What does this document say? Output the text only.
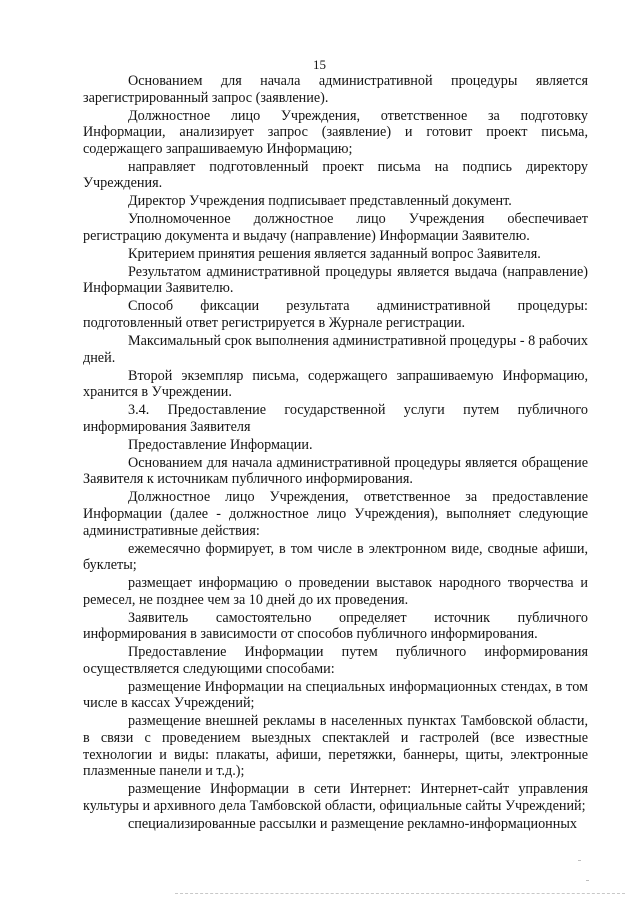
15

Основанием для начала административной процедуры является зарегистрированный запрос (заявление).

Должностное лицо Учреждения, ответственное за подготовку Информации, анализирует запрос (заявление) и готовит проект письма, содержащего запрашиваемую Информацию;

направляет подготовленный проект письма на подпись директору Учреждения.

Директор Учреждения подписывает представленный документ.

Уполномоченное должностное лицо Учреждения обеспечивает регистрацию документа и выдачу (направление) Информации Заявителю.

Критерием принятия решения является заданный вопрос Заявителя.

Результатом административной процедуры является выдача (направление) Информации Заявителю.

Способ фиксации результата административной процедуры: подготовленный ответ регистрируется в Журнале регистрации.

Максимальный срок выполнения административной процедуры - 8 рабочих дней.

Второй экземпляр письма, содержащего запрашиваемую Информацию, хранится в Учреждении.

3.4. Предоставление государственной услуги путем публичного информирования Заявителя

Предоставление Информации.

Основанием для начала административной процедуры является обращение Заявителя к источникам публичного информирования.

Должностное лицо Учреждения, ответственное за предоставление Информации (далее - должностное лицо Учреждения), выполняет следующие административные действия:

ежемесячно формирует, в том числе в электронном виде, сводные афиши, буклеты;

размещает информацию о проведении выставок народного творчества и ремесел, не позднее чем за 10 дней до их проведения.

Заявитель самостоятельно определяет источник публичного информирования в зависимости от способов публичного информирования.

Предоставление Информации путем публичного информирования осуществляется следующими способами:

размещение Информации на специальных информационных стендах, в том числе в кассах Учреждений;

размещение внешней рекламы в населенных пунктах Тамбовской области, в связи с проведением выездных спектаклей и гастролей (все известные технологии и виды: плакаты, афиши, перетяжки, баннеры, щиты, электронные плазменные панели и т.д.);

размещение Информации в сети Интернет: Интернет-сайт управления культуры и архивного дела Тамбовской области, официальные сайты Учреждений;

специализированные рассылки и размещение рекламно-информационных
